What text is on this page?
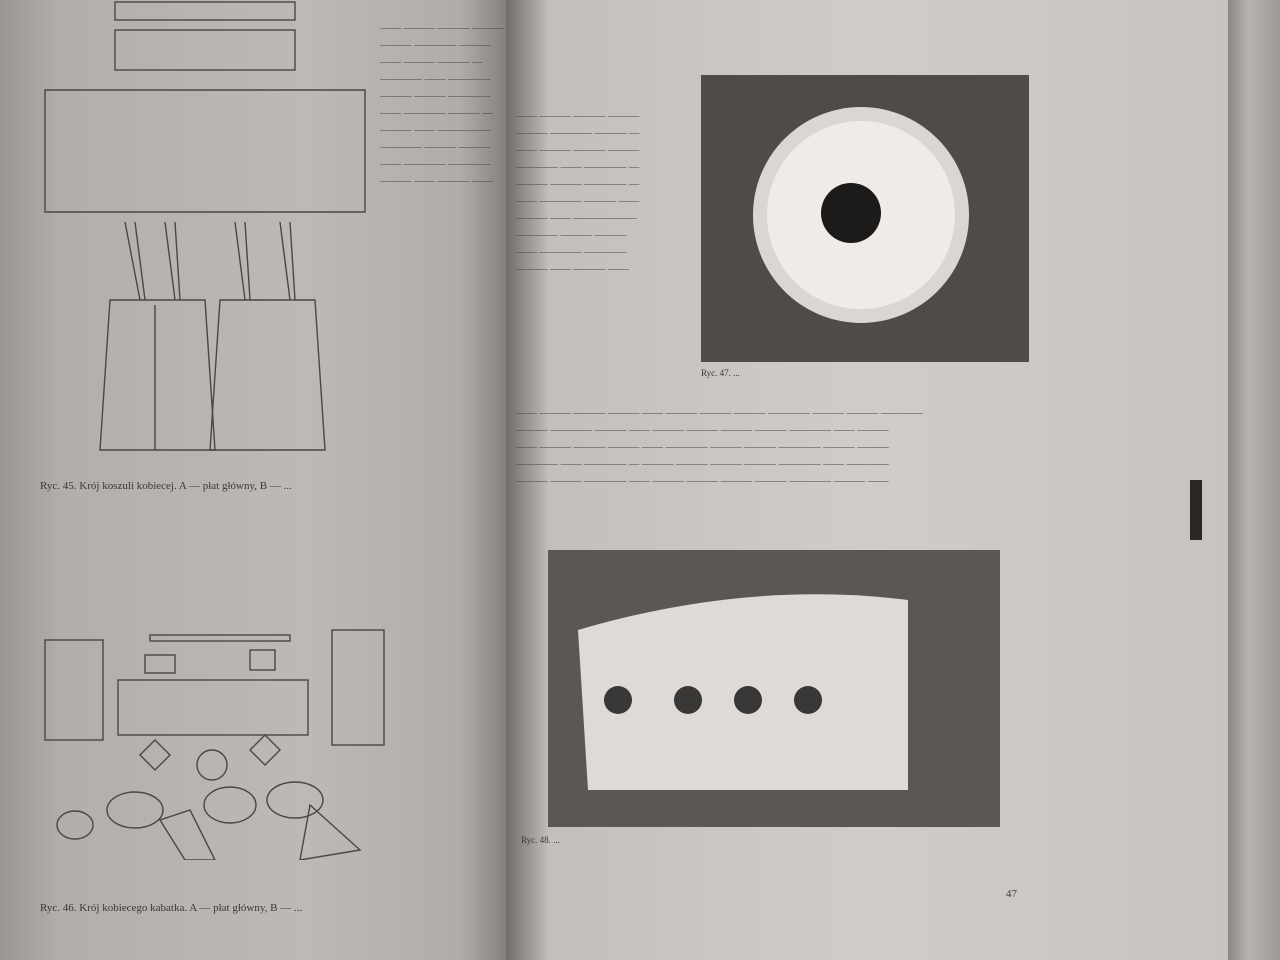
Ryc. 45. Krój koszuli kobiecej. A — płat główny, B — ...
Ryc. 46. Krój kobiecego kabatka. A — płat główny, B — ...
—— ——— ——— ———
——— ———— ———
—— ——— ——— —
———— —— ————
——— ——— ————
—— ———— ——— —
——— —— —————
———— ——— ———
—— ———— ————
——— —— ——— ——
—— ——— ——— ———
——— ———— ——— —
—— ——— ——— ———
———— —— ———— —
——— ——— ———— —
—— ———— ——— ——
——— —— ——————
———— ——— ———
—— ———— ————
——— —— ——— ——
Ryc. 47. ...
—— ——— ——— ——— —— ——— ——— ——— ———— ——— ——— ————
——— ———— ——— —— ——— ——— ——— ——— ———— —— ———
—— ——— ——— ——— —— ———— ——— ——— ———— ——— ———
———— —— ———— — ——— ——— ——— ——— ———— —— ————
——— ——— ———— —— ——— ——— ——— ——— ———— ——— ——
Ryc. 48. ...
47
